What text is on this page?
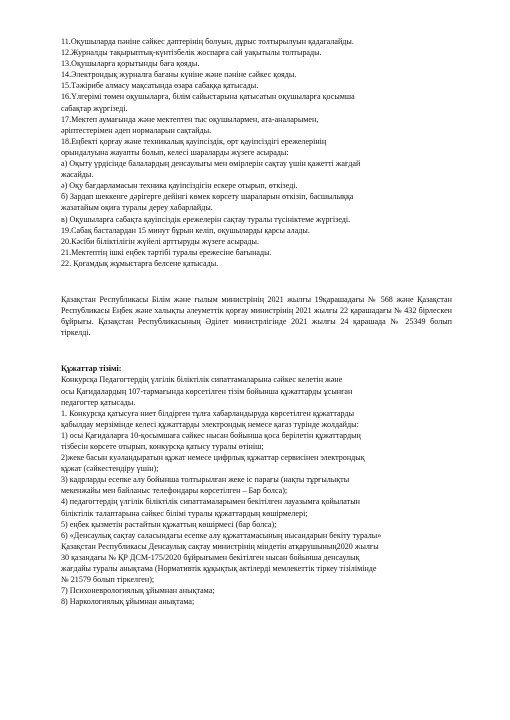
11.Оқушыларда пәніне сәйкес дәптерінің болуын, дұрыс толтырылуын қадағалайды.
12.Журналды тақырыптық-күнтізбелік жоспарға сай уақытылы толтырады.
13.Оқушыларға қорытынды баға қояды.
14.Электрондық журналға бағаны күніне және пәніне сәйкес қояды.
15.Тәжірибе алмасу мақсатында өзара сабаққа қатысады.
16.Үлгерімі төмен оқушыларға, білім сайыстарына қатысатын оқушыларға қосымша
сабақтар жүргізеді.
17.Мектеп аумағында және мектептен тыс оқушылармен, ата-аналарымен,
әріптестерімен әдеп нормаларын сақтайды.
18.Еңбекті қорғау және техникалық қауіпсіздік, өрт қауіпсіздігі ережелерінің
орындалуына жауапты болып, келесі шараларды жүзеге асырады:
а) Оқыту үрдісінде балалардың денсаулығы мен өмірлерін сақтау үшін қажетті жағдай
жасайды.
ә) Оқу бағдарламасын техника қауіпсіздігін ескере отырып, өткізеді.
б) Зардап шеккенге дәрігерге дейінгі көмек көрсету шараларын өткізіп, басшылыққа
жазатайым оқиға туралы дереу хабарлайды.
в) Оқушыларға сабақта қауіпсіздік ережелерін сақтау туралы түсініктеме жүргізеді.
19.Сабақ басталардан 15 минут бұрын келіп, оқушыларды қарсы алады.
20.Кәсіби біліктілігін жүйелі арттыруды жүзеге асырады.
21.Мектептің ішкі еңбек тәртібі туралы ережесіне бағынады.
22. Қоғамдық жұмыстарға белсене қатысады.
Қазақстан Республикасы Білім және ғылым министрінің 2021 жылғы 19қарашадағы № 568 және Қазақстан Республикасы Еңбек және халықты әлеуметтік қорғау министрінің 2021 жылғы 22 қарашадағы № 432 бірлескен бұйрығы. Қазақстан Республикасының Әділет министрлігінде 2021 жылғы 24 қарашада № 25349 болып тіркелді.
Құжаттар тізімі:
Конкурсқа Педагогтердің үлгілік біліктілік сипаттамаларына сәйкес келетін және
осы Қағидалардың 107-тармағында көрсетілген тізім бойынша құжаттарды ұсынған
педагогтер қатысады.
1. Конкурсқа қатысуға ниет білдірген тұлға хабарландыруда көрсетілген құжаттарды
қабылдау мерзімінде келесі құжаттарды электрондық немесе қағаз түрінде жолдайды:
1) осы Қағидаларға 10-қосымшаға сәйкес нысан бойынша қоса берілетін құжаттардың
тізбесін көрсете отырып, конкурсқа қатысу туралы өтініш;
2)жеке басын куәландыратын құжат немесе цифрлық құжаттар сервисінен электрондық
құжат (сәйкестендіру үшін);
3) кадрларды есепке алу бойынша толтырылған жеке іс парағы (нақты тұрғылықты
мекенжайы мен байланыс телефондары көрсетілген – Бар болса);
4) педагогтердің үлгілік біліктілік сипаттамаларымен бекітілген лауазымға қойылатын
біліктілік талаптарына сәйкес білімі туралы құжаттардың көшірмелері;
5) еңбек қызметін растайтын құжаттың көшірмесі (бар болса);
6) «Денсаулық сақтау саласындағы есепке алу құжаттамасының нысандарын бекіту туралы»
Қазақстан Республикасы Денсаулық сақтау министрінің міндетін атқарушының2020 жылғы
30 қазандағы № ҚР ДСМ-175/2020 бұйрығымен бекітілген нысан бойынша денсаулық
жағдайы туралы анықтама (Нормативтік құқықтық актілерді мемлекеттік тіркеу тізілімінде
№ 21579 болып тіркелген);
7) Психоневрологиялық ұйымнан анықтама;
8) Наркологиялық ұйымнан анықтама;
